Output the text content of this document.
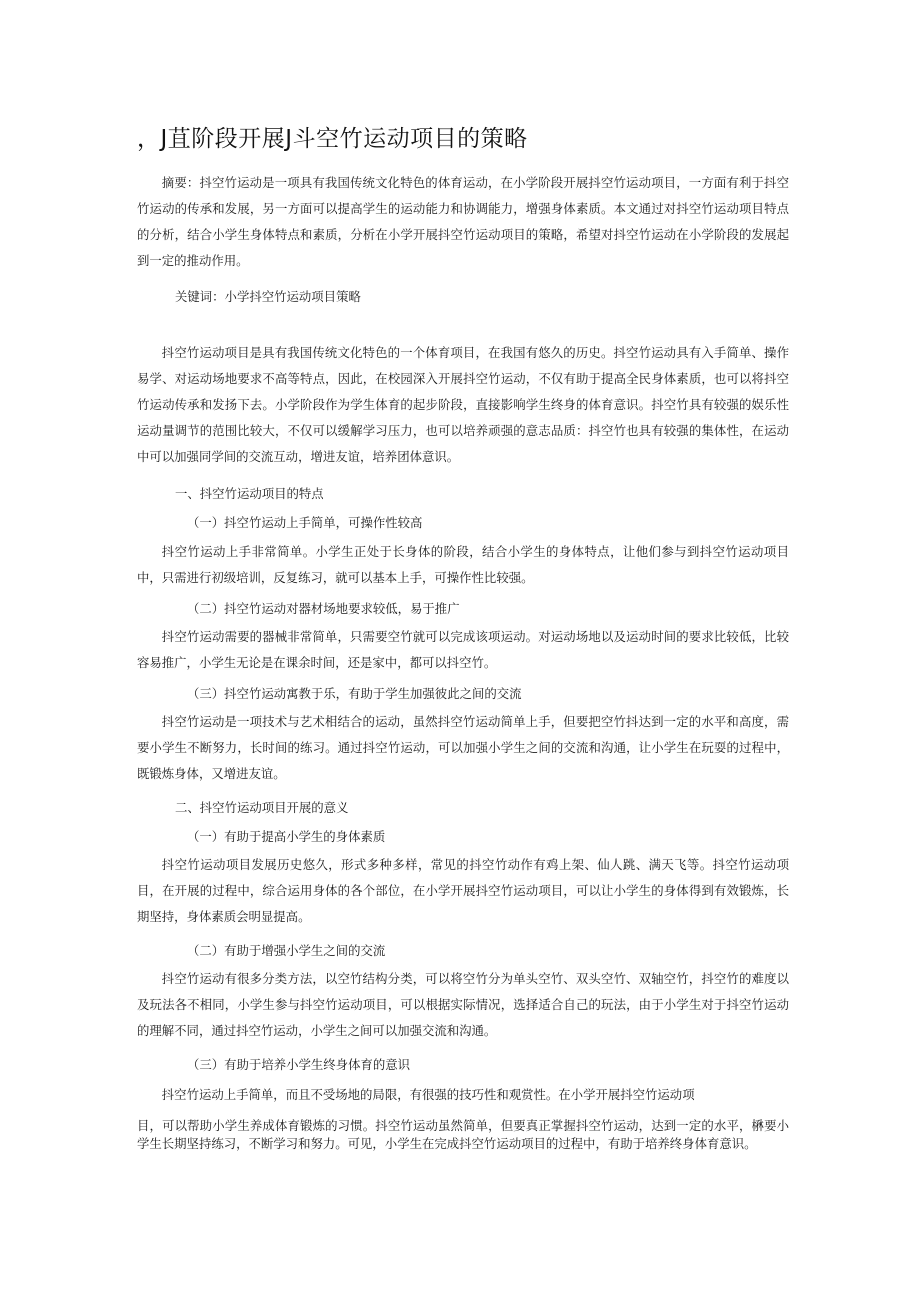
，J苴阶段开展J斗空竹运动项目的策略

摘要：抖空竹运动是一项具有我国传统文化特色的体育运动，在小学阶段开展抖空竹运动项目，一方面有利于抖空竹运动的传承和发展，另一方面可以提高学生的运动能力和协调能力，增强身体素质。本文通过对抖空竹运动项目特点的分析，结合小学生身体特点和素质，分析在小学开展抖空竹运动项目的策略，希望对抖空竹运动在小学阶段的发展起到一定的推动作用。

关键词：小学抖空竹运动项目策略

抖空竹运动项目是具有我国传统文化特色的一个体育项目，在我国有悠久的历史。抖空竹运动具有入手简单、操作易学、对运动场地要求不高等特点，因此，在校园深入开展抖空竹运动，不仅有助于提高全民身体素质，也可以将抖空竹运动传承和发扬下去。小学阶段作为学生体育的起步阶段，直接影响学生终身的体育意识。抖空竹具有较强的娱乐性运动量调节的范围比较大，不仅可以缓解学习压力，也可以培养顽强的意志品质：抖空竹也具有较强的集体性，在运动中可以加强同学间的交流互动，增进友谊，培养团体意识。

一、抖空竹运动项目的特点

（一）抖空竹运动上手简单，可操作性较高

抖空竹运动上手非常简单。小学生正处于长身体的阶段，结合小学生的身体特点，让他们参与到抖空竹运动项目中，只需进行初级培训，反复练习，就可以基本上手，可操作性比较强。

（二）抖空竹运动对器材场地要求较低，易于推广

抖空竹运动需要的器械非常简单，只需要空竹就可以完成该项运动。对运动场地以及运动时间的要求比较低，比较容易推广，小学生无论是在课余时间，还是家中，都可以抖空竹。

（三）抖空竹运动寓教于乐，有助于学生加强彼此之间的交流

抖空竹运动是一项技术与艺术相结合的运动，虽然抖空竹运动简单上手，但要把空竹抖达到一定的水平和高度，需要小学生不断努力，长时间的练习。通过抖空竹运动，可以加强小学生之间的交流和沟通，让小学生在玩耍的过程中，既锻炼身体，又增进友谊。

二、抖空竹运动项目开展的意义

（一）有助于提高小学生的身体素质

抖空竹运动项目发展历史悠久，形式多种多样，常见的抖空竹动作有鸡上架、仙人跳、满天飞等。抖空竹运动项目，在开展的过程中，综合运用身体的各个部位，在小学开展抖空竹运动项目，可以让小学生的身体得到有效锻炼，长期坚持，身体素质会明显提高。

（二）有助于增强小学生之间的交流

抖空竹运动有很多分类方法，以空竹结构分类，可以将空竹分为单头空竹、双头空竹、双轴空竹，抖空竹的难度以及玩法各不相同，小学生参与抖空竹运动项目，可以根据实际情况，选择适合自己的玩法，由于小学生对于抖空竹运动的理解不同，通过抖空竹运动，小学生之间可以加强交流和沟通。

（三）有助于培养小学生终身体育的意识

抖空竹运动上手简单，而且不受场地的局限，有很强的技巧性和观赏性。在小学开展抖空竹运动项

目，可以帮助小学生养成体育锻炼的习惯。抖空竹运动虽然简单，但要真正掌握抖空竹运动，达到一定的水平，楙要小学生长期坚持练习，不断学习和努力。可见，小学生在完成抖空竹运动项目的过程中，有助于培养终身体育意识。
